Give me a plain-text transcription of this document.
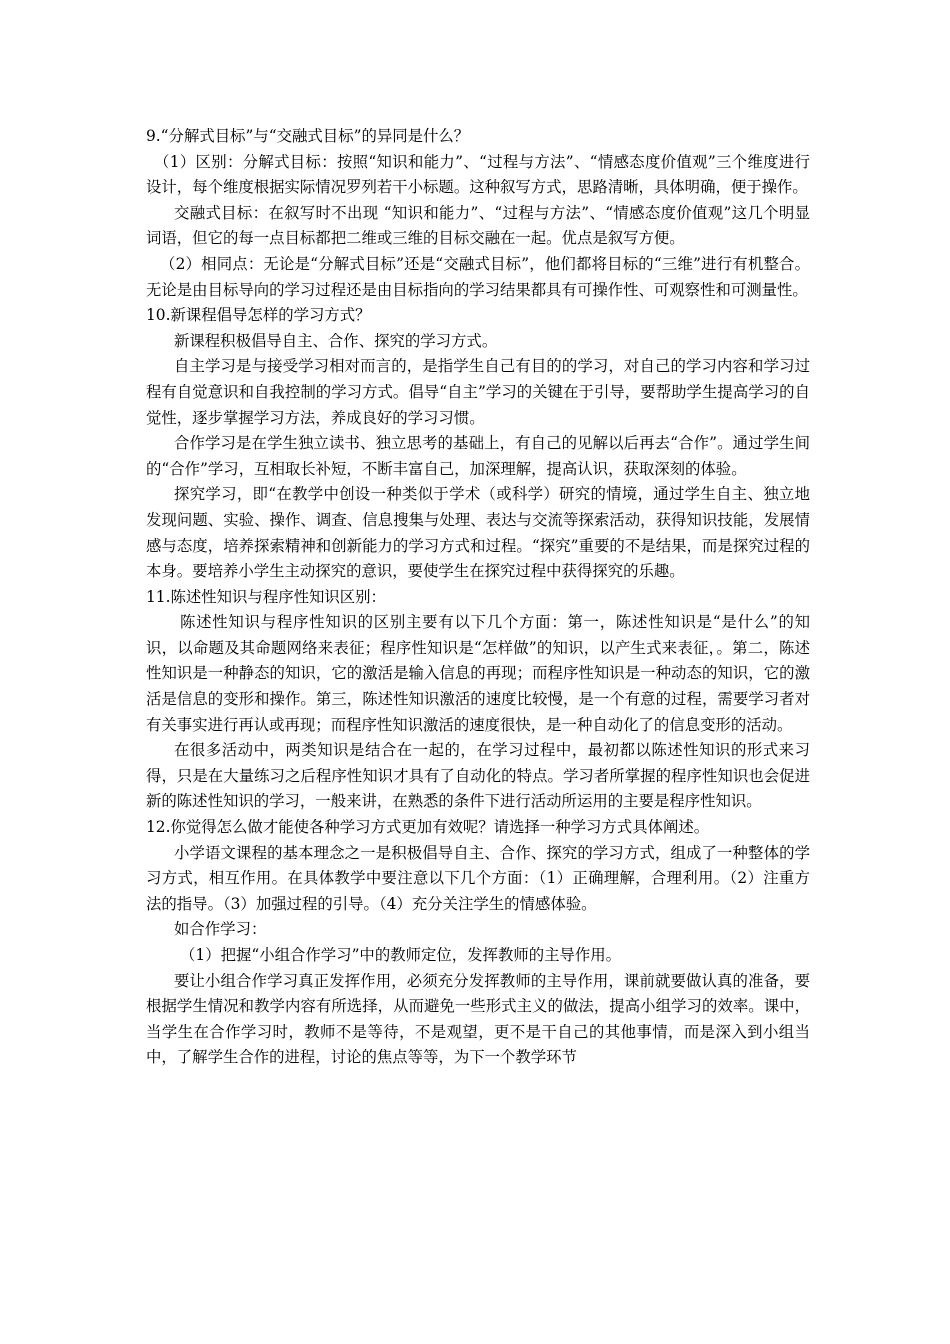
9.“分解式目标”与“交融式目标”的异同是什么？

（1）区别：分解式目标：按照“知识和能力”、“过程与方法”、“情感态度价值观”三个维度进行设计，每个维度根据实际情况罗列若干小标题。这种叙写方式，思路清晰，具体明确，便于操作。

交融式目标：在叙写时不出现 “知识和能力”、“过程与方法”、“情感态度价值观”这几个明显词语，但它的每一点目标都把二维或三维的目标交融在一起。优点是叙写方便。

（2）相同点：无论是“分解式目标”还是“交融式目标”，他们都将目标的“三维”进行有机整合。无论是由目标导向的学习过程还是由目标指向的学习结果都具有可操作性、可观察性和可测量性。

10.新课程倡导怎样的学习方式？

新课程积极倡导自主、合作、探究的学习方式。

自主学习是与接受学习相对而言的，是指学生自己有目的的学习，对自己的学习内容和学习过程有自觉意识和自我控制的学习方式。倡导“自主”学习的关键在于引导，要帮助学生提高学习的自觉性，逐步掌握学习方法，养成良好的学习习惯。

合作学习是在学生独立读书、独立思考的基础上，有自己的见解以后再去“合作”。通过学生间的“合作”学习，互相取长补短，不断丰富自己，加深理解，提高认识，获取深刻的体验。

探究学习，即“在教学中创设一种类似于学术（或科学）研究的情境，通过学生自主、独立地发现问题、实验、操作、调查、信息搜集与处理、表达与交流等探索活动，获得知识技能，发展情感与态度，培养探索精神和创新能力的学习方式和过程。“探究”重要的不是结果，而是探究过程的本身。要培养小学生主动探究的意识，要使学生在探究过程中获得探究的乐趣。

11.陈述性知识与程序性知识区别：

陈述性知识与程序性知识的区别主要有以下几个方面：第一，陈述性知识是“是什么”的知识，以命题及其命题网络来表征；程序性知识是“怎样做”的知识，以产生式来表征，。第二，陈述性知识是一种静态的知识，它的激活是输入信息的再现；而程序性知识是一种动态的知识，它的激活是信息的变形和操作。第三，陈述性知识激活的速度比较慢，是一个有意的过程，需要学习者对有关事实进行再认或再现；而程序性知识激活的速度很快，是一种自动化了的信息变形的活动。

在很多活动中，两类知识是结合在一起的，在学习过程中，最初都以陈述性知识的形式来习得，只是在大量练习之后程序性知识才具有了自动化的特点。学习者所掌握的程序性知识也会促进新的陈述性知识的学习，一般来讲，在熟悉的条件下进行活动所运用的主要是程序性知识。

12.你觉得怎么做才能使各种学习方式更加有效呢？请选择一种学习方式具体阐述。

小学语文课程的基本理念之一是积极倡导自主、合作、探究的学习方式，组成了一种整体的学习方式，相互作用。在具体教学中要注意以下几个方面：（1）正确理解，合理利用。（2）注重方法的指导。（3）加强过程的引导。（4）充分关注学生的情感体验。

如合作学习：

（1）把握“小组合作学习”中的教师定位，发挥教师的主导作用。

要让小组合作学习真正发挥作用，必须充分发挥教师的主导作用，课前就要做认真的准备，要根据学生情况和教学内容有所选择，从而避免一些形式主义的做法，提高小组学习的效率。课中，当学生在合作学习时，教师不是等待，不是观望，更不是干自己的其他事情，而是深入到小组当中，了解学生合作的进程，讨论的焦点等等，为下一个教学环节
